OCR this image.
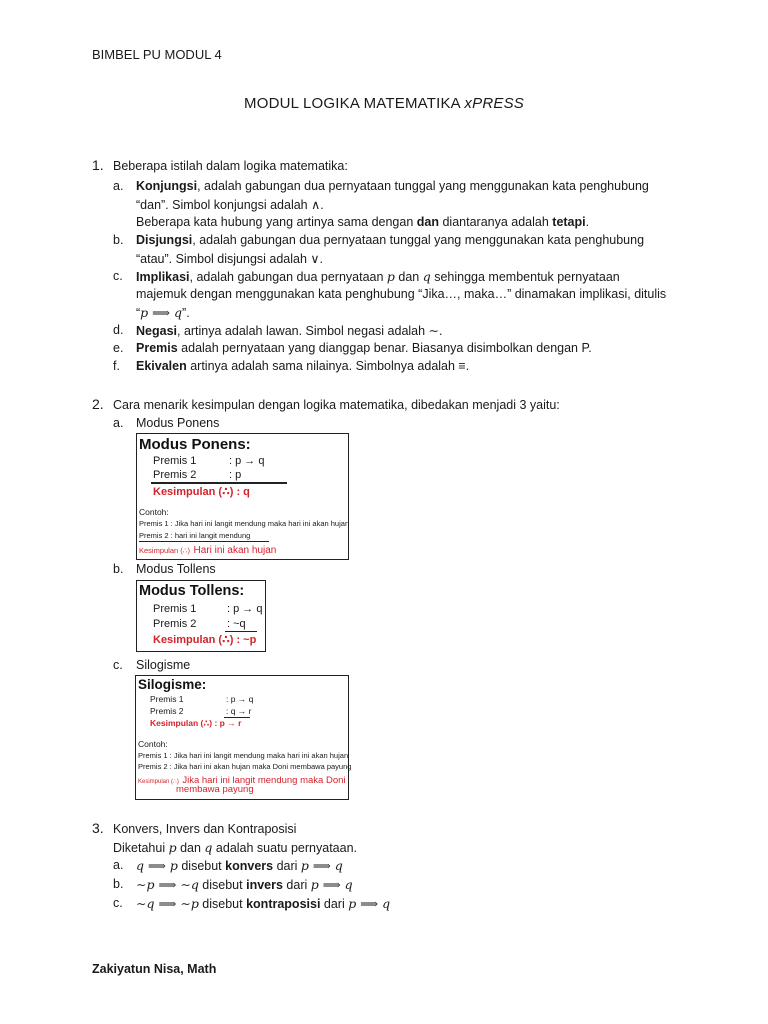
BIMBEL PU MODUL 4
MODUL LOGIKA MATEMATIKA xPRESS
1. Beberapa istilah dalam logika matematika:
a. Konjungsi, adalah gabungan dua pernyataan tunggal yang menggunakan kata penghubung
“dan”. Simbol konjungsi adalah ∧.
Beberapa kata hubung yang artinya sama dengan dan diantaranya adalah tetapi.
b. Disjungsi, adalah gabungan dua pernyataan tunggal yang menggunakan kata penghubung
“atau”. Simbol disjungsi adalah ∨.
c. Implikasi, adalah gabungan dua pernyataan p dan q sehingga membentuk pernyataan
majemuk dengan menggunakan kata penghubung “Jika…, maka…” dinamakan implikasi, ditulis
“p ⟹ q”.
d. Negasi, artinya adalah lawan. Simbol negasi adalah ∼.
e. Premis adalah pernyataan yang dianggap benar. Biasanya disimbolkan dengan P.
f. Ekivalen artinya adalah sama nilainya. Simbolnya adalah ≡.
2. Cara menarik kesimpulan dengan logika matematika, dibedakan menjadi 3 yaitu:
a. Modus Ponens
Modus Ponens:
Premis 1	: p → q
Premis 2	: p
Kesimpulan (∴) : q
Contoh:
Premis 1 : Jika hari ini langit mendung maka hari ini akan hujan
Premis 2 : hari ini langit mendung
Kesimpulan (∴) Hari ini akan hujan
b. Modus Tollens
Modus Tollens:
Premis 1	: p → q
Premis 2	: ~q
Kesimpulan (∴) : ~p
c. Silogisme
Silogisme:
Premis 1	: p → q
Premis 2	: q → r
Kesimpulan (∴) : p → r
Contoh:
Premis 1 : Jika hari ini langit mendung maka hari ini akan hujan
Premis 2 : Jika hari ini akan hujan maka Doni membawa payung
Kesimpulan (∴) Jika hari ini langit mendung maka Doni
membawa payung
3. Konvers, Invers dan Kontraposisi
Diketahui p dan q adalah suatu pernyataan.
a. q ⟹ p disebut konvers dari p ⟹ q
b. ∼p ⟹ ∼q disebut invers dari p ⟹ q
c. ∼q ⟹ ∼p disebut kontraposisi dari p ⟹ q
Zakiyatun Nisa, Math
